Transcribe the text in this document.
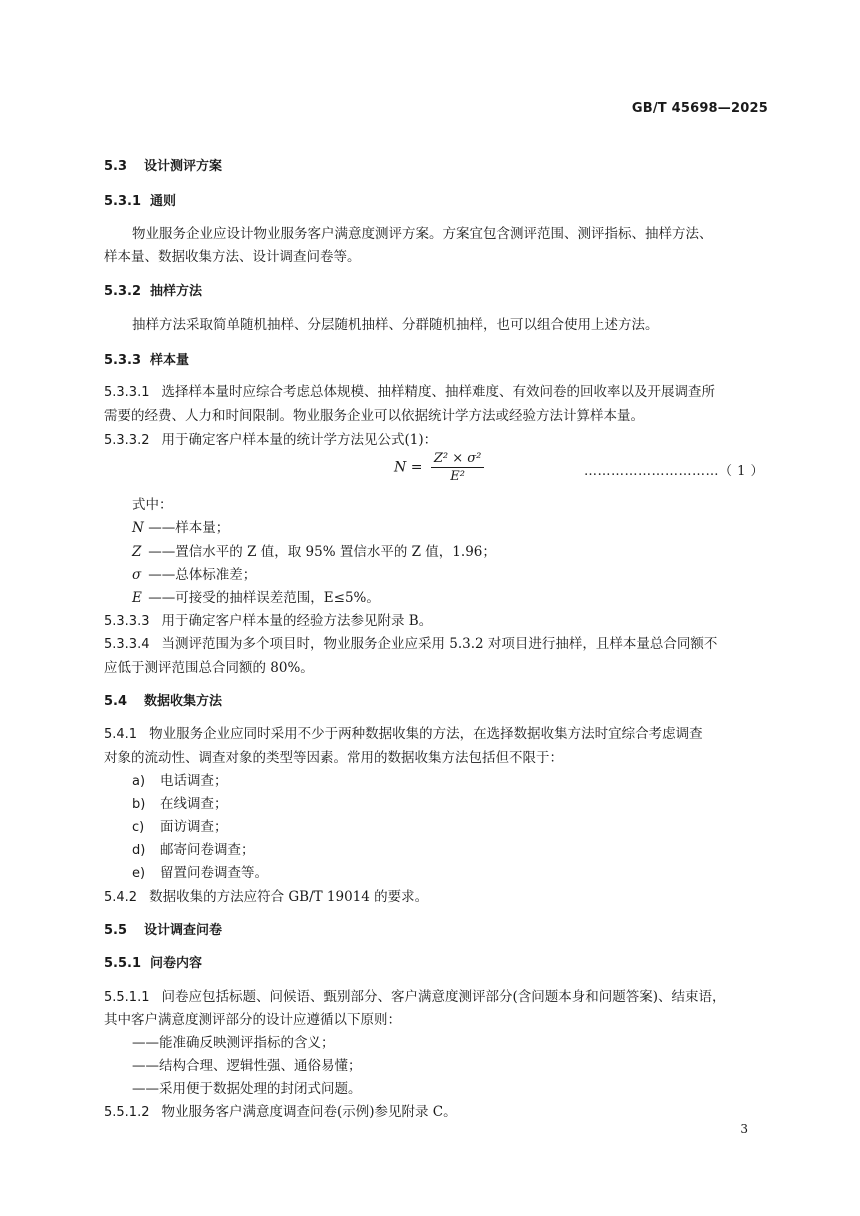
GB/T 45698—2025
5.3 设计测评方案
5.3.1 通则
物业服务企业应设计物业服务客户满意度测评方案。方案宜包含测评范围、测评指标、抽样方法、
样本量、数据收集方法、设计调查问卷等。
5.3.2 抽样方法
抽样方法采取简单随机抽样、分层随机抽样、分群随机抽样，也可以组合使用上述方法。
5.3.3 样本量
5.3.3.1 选择样本量时应综合考虑总体规模、抽样精度、抽样难度、有效问卷的回收率以及开展调查所
需要的经费、人力和时间限制。物业服务企业可以依据统计学方法或经验方法计算样本量。
5.3.3.2 用于确定客户样本量的统计学方法见公式(1)：
$N = \frac{\text{Z² × σ²}}{\text{E²}}$	…………………………（ 1 ）
式中：
N ——样本量；
Z ——置信水平的 Z 值，取 95% 置信水平的 Z 值，1.96；
σ ——总体标准差；
E ——可接受的抽样误差范围，E≤5%。
5.3.3.3 用于确定客户样本量的经验方法参见附录 B。
5.3.3.4 当测评范围为多个项目时，物业服务企业应采用 5.3.2 对项目进行抽样，且样本量总合同额不
应低于测评范围总合同额的 80%。
5.4 数据收集方法
5.4.1 物业服务企业应同时采用不少于两种数据收集的方法，在选择数据收集方法时宜综合考虑调查
对象的流动性、调查对象的类型等因素。常用的数据收集方法包括但不限于：
a) 电话调查；
b) 在线调查；
c) 面访调查；
d) 邮寄问卷调查；
e) 留置问卷调查等。
5.4.2 数据收集的方法应符合 GB/T 19014 的要求。
5.5 设计调查问卷
5.5.1 问卷内容
5.5.1.1 问卷应包括标题、问候语、甄别部分、客户满意度测评部分(含问题本身和问题答案)、结束语，
其中客户满意度测评部分的设计应遵循以下原则：
——能准确反映测评指标的含义；
——结构合理、逻辑性强、通俗易懂；
——采用便于数据处理的封闭式问题。
5.5.1.2 物业服务客户满意度调查问卷(示例)参见附录 C。
3
